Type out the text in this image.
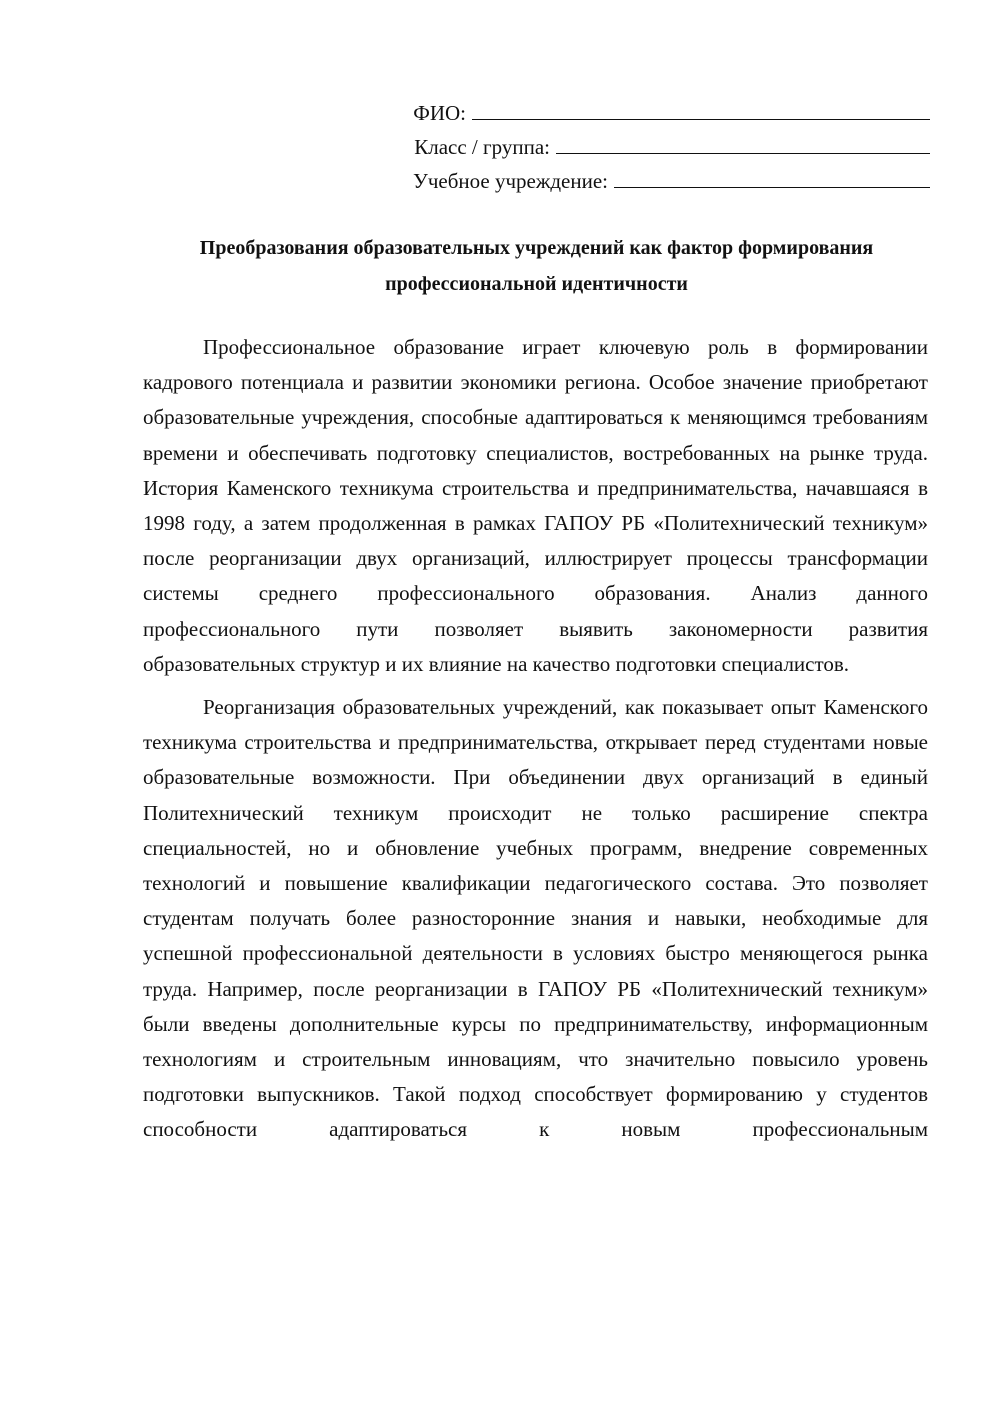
ФИО:
Класс / группа:
Учебное учреждение:
Преобразования образовательных учреждений как фактор формирования
профессиональной идентичности

Профессиональное образование играет ключевую роль в формировании кадрового потенциала и развитии экономики региона. Особое значение приобретают образовательные учреждения, способные адаптироваться к меняющимся требованиям времени и обеспечивать подготовку специалистов, востребованных на рынке труда. История Каменского техникума строительства и предпринимательства, начавшаяся в 1998 году, а затем продолженная в рамках ГАПОУ РБ «Политехнический техникум» после реорганизации двух организаций, иллюстрирует процессы трансформации системы среднего профессионального образования. Анализ данного профессионального пути позволяет выявить закономерности развития образовательных структур и их влияние на качество подготовки специалистов.

Реорганизация образовательных учреждений, как показывает опыт Каменского техникума строительства и предпринимательства, открывает перед студентами новые образовательные возможности. При объединении двух организаций в единый Политехнический техникум происходит не только расширение спектра специальностей, но и обновление учебных программ, внедрение современных технологий и повышение квалификации педагогического состава. Это позволяет студентам получать более разносторонние знания и навыки, необходимые для успешной профессиональной деятельности в условиях быстро меняющегося рынка труда. Например, после реорганизации в ГАПОУ РБ «Политехнический техникум» были введены дополнительные курсы по предпринимательству, информационным технологиям и строительным инновациям, что значительно повысило уровень подготовки выпускников. Такой подход способствует формированию у студентов способности адаптироваться к новым профессиональным
